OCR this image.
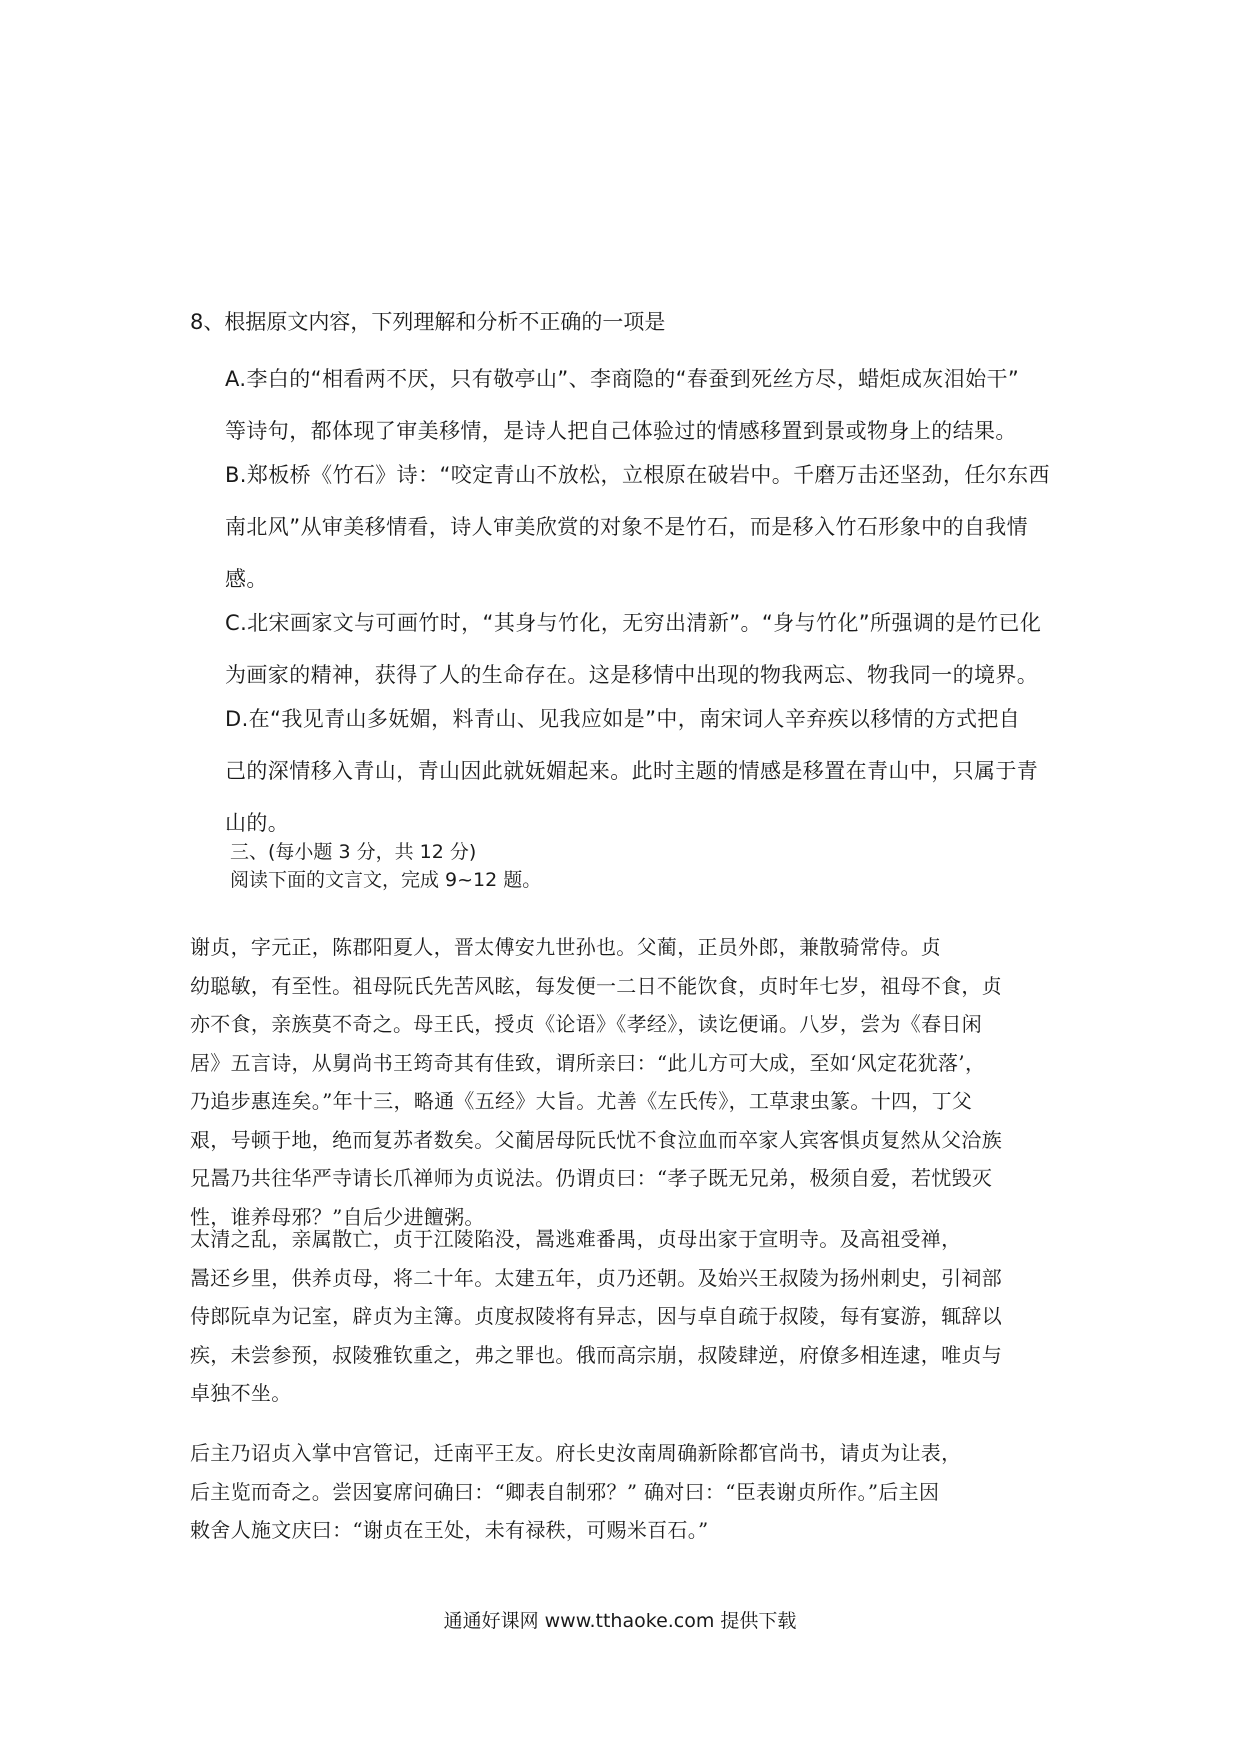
8、根据原文内容，下列理解和分析不正确的一项是
A.李白的“相看两不厌，只有敬亭山”、李商隐的“春蚕到死丝方尽，蜡炬成灰泪始干”
等诗句，都体现了审美移情，是诗人把自己体验过的情感移置到景或物身上的结果。
B.郑板桥《竹石》诗：“咬定青山不放松，立根原在破岩中。千磨万击还坚劲，任尔东西
南北风”从审美移情看，诗人审美欣赏的对象不是竹石，而是移入竹石形象中的自我情
感。
C.北宋画家文与可画竹时，“其身与竹化，无穷出清新”。“身与竹化”所强调的是竹已化
为画家的精神，获得了人的生命存在。这是移情中出现的物我两忘、物我同一的境界。
D.在“我见青山多妩媚，料青山、见我应如是”中，南宋词人辛弃疾以移情的方式把自
己的深情移入青山，青山因此就妩媚起来。此时主题的情感是移置在青山中，只属于青
山的。
三、(每小题 3 分，共 12 分)
阅读下面的文言文，完成 9~12 题。
谢贞，字元正，陈郡阳夏人，晋太傅安九世孙也。父蔺，正员外郎，兼散骑常侍。贞
幼聪敏，有至性。祖母阮氏先苦风眩，每发便一二日不能饮食，贞时年七岁，祖母不食，贞
亦不食，亲族莫不奇之。母王氏，授贞《论语》《孝经》，读讫便诵。八岁，尝为《春日闲
居》五言诗，从舅尚书王筠奇其有佳致，谓所亲曰：“此儿方可大成，至如‘风定花犹落’，
乃追步惠连矣。”年十三，略通《五经》大旨。尤善《左氏传》，工草隶虫篆。十四，丁父
艰，号顿于地，绝而复苏者数矣。父蔺居母阮氏忧不食泣血而卒家人宾客惧贞复然从父洽族
兄暠乃共往华严寺请长爪禅师为贞说法。仍谓贞曰：“孝子既无兄弟，极须自爱，若忧毁灭
性，谁养母邪？”自后少进饘粥。
太清之乱，亲属散亡，贞于江陵陷没，暠逃难番禺，贞母出家于宣明寺。及高祖受禅，
暠还乡里，供养贞母，将二十年。太建五年，贞乃还朝。及始兴王叔陵为扬州刺史，引祠部
侍郎阮卓为记室，辟贞为主簿。贞度叔陵将有异志，因与卓自疏于叔陵，每有宴游，辄辞以
疾，未尝参预，叔陵雅钦重之，弗之罪也。俄而高宗崩，叔陵肆逆，府僚多相连逮，唯贞与
卓独不坐。
后主乃诏贞入掌中宫管记，迁南平王友。府长史汝南周确新除都官尚书，请贞为让表，
后主览而奇之。尝因宴席问确曰：“卿表自制邪？” 确对曰：“臣表谢贞所作。”后主因
敕舍人施文庆曰：“谢贞在王处，未有禄秩，可赐米百石。”
通通好课网 www.tthaoke.com 提供下载
